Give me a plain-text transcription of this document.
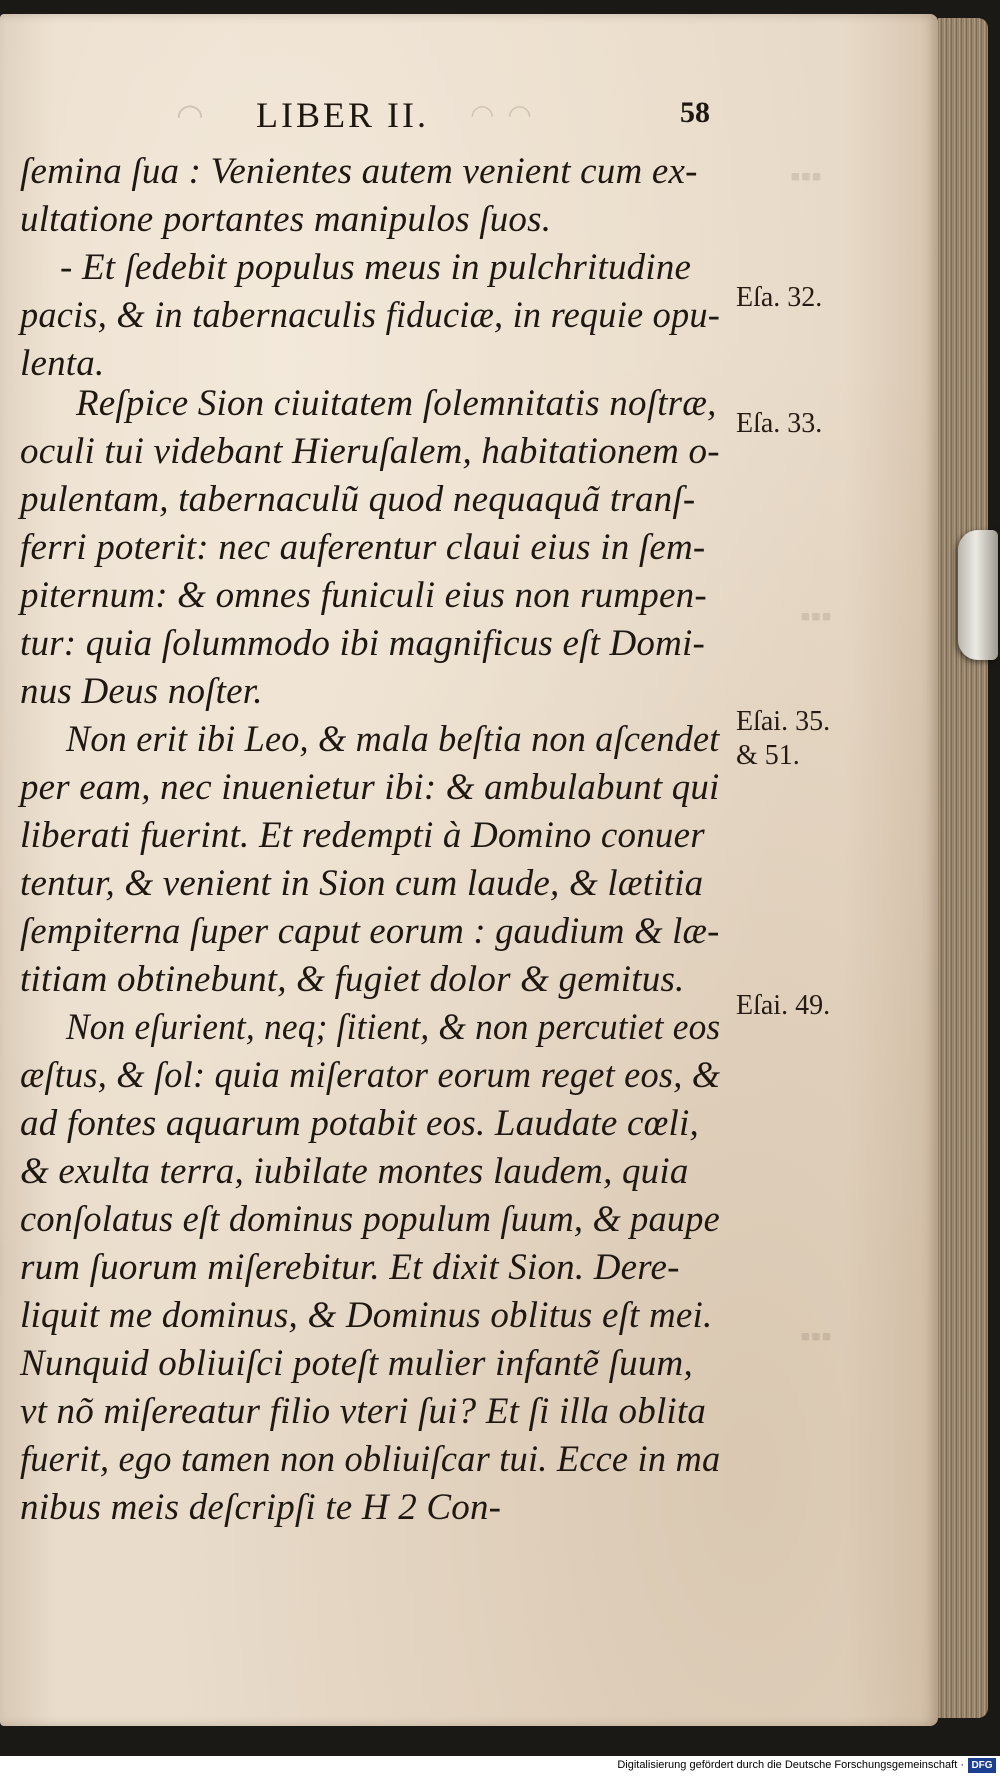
▪▪▪
▪▪▪
▪▪▪
◠ LIBER II. ◠ ◠	58
ſemina ſua : Venientes autem venient cum ex-
ultatione portantes manipulos ſuos.
- Et ſedebit populus meus in pulchritudine
pacis, & in tabernaculis fiduciæ, in requie opu-
lenta.
Reſpice Sion ciuitatem ſolemnitatis noſtræ,
oculi tui videbant Hieruſalem, habitationem o-
pulentam, tabernaculũ quod nequaquã tranſ-
ferri poterit: nec auferentur claui eius in ſem-
piternum: & omnes funiculi eius non rumpen-
tur: quia ſolummodo ibi magnificus eſt Domi-
nus Deus noſter.
Non erit ibi Leo, & mala beſtia non aſcendet
per eam, nec inuenietur ibi: & ambulabunt qui
liberati fuerint. Et redempti à Domino conuer
tentur, & venient in Sion cum laude, & lætitia
ſempiterna ſuper caput eorum : gaudium & læ-
titiam obtinebunt, & fugiet dolor & gemitus.
Non eſurient, neq; ſitient, & non percutiet eos
æſtus, & ſol: quia miſerator eorum reget eos, &
ad fontes aquarum potabit eos. Laudate cœli,
& exulta terra, iubilate montes laudem, quia
conſolatus eſt dominus populum ſuum, & paupe
rum ſuorum miſerebitur. Et dixit Sion. Dere-
liquit me dominus, & Dominus oblitus eſt mei.
Nunquid obliuiſci poteſt mulier infantẽ ſuum,
vt nõ miſereatur filio vteri ſui? Et ſi illa oblita
fuerit, ego tamen non obliuiſcar tui. Ecce in ma
nibus meis deſcripſi te H 2 Con-
Eſa. 32.
Eſa. 33.
Eſai. 35.
& 51.
Eſai. 49.
Digitalisierung gefördert durch die Deutsche Forschungsgemeinschaft · DFG
